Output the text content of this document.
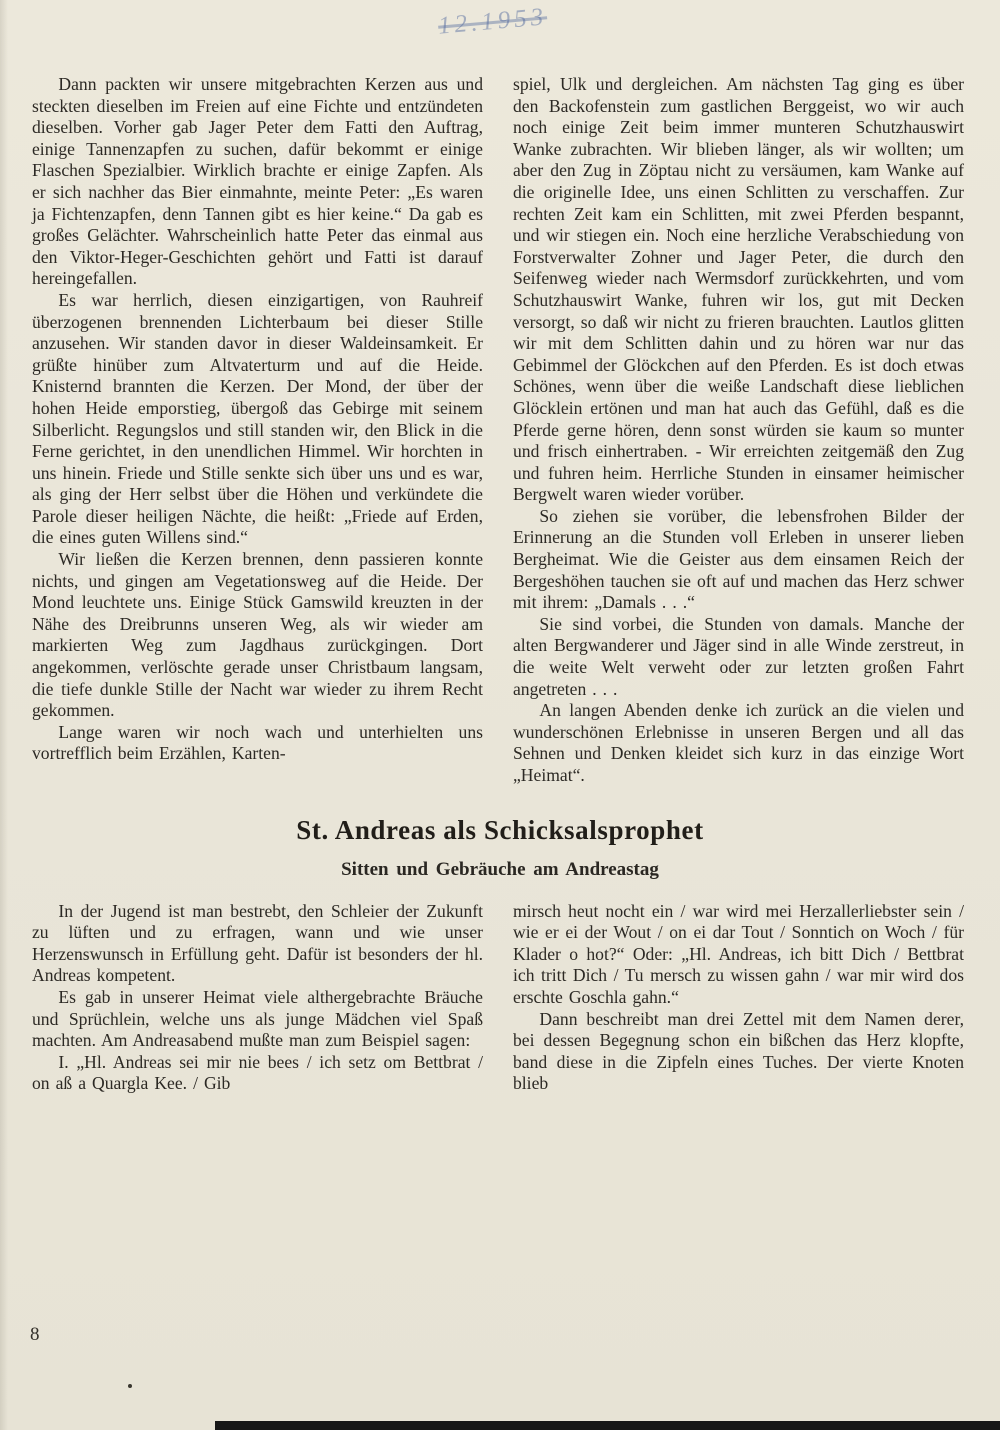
12.1953

Dann packten wir unsere mitgebrachten Kerzen aus und steckten dieselben im Freien auf eine Fichte und entzündeten dieselben. Vorher gab Jager Peter dem Fatti den Auftrag, einige Tannenzapfen zu suchen, dafür bekommt er einige Flaschen Spezialbier. Wirklich brachte er einige Zapfen. Als er sich nachher das Bier einmahnte, meinte Peter: „Es waren ja Fichtenzapfen, denn Tannen gibt es hier keine.“ Da gab es großes Gelächter. Wahrscheinlich hatte Peter das einmal aus den Viktor-Heger-Geschichten gehört und Fatti ist darauf hereingefallen.

Es war herrlich, diesen einzigartigen, von Rauhreif überzogenen brennenden Lichterbaum bei dieser Stille anzusehen. Wir standen davor in dieser Waldeinsamkeit. Er grüßte hinüber zum Altvaterturm und auf die Heide. Knisternd brannten die Kerzen. Der Mond, der über der hohen Heide emporstieg, übergoß das Gebirge mit seinem Silberlicht. Regungslos und still standen wir, den Blick in die Ferne gerichtet, in den unendlichen Himmel. Wir horchten in uns hinein. Friede und Stille senkte sich über uns und es war, als ging der Herr selbst über die Höhen und verkündete die Parole dieser heiligen Nächte, die heißt: „Friede auf Erden, die eines guten Willens sind.“

Wir ließen die Kerzen brennen, denn passieren konnte nichts, und gingen am Vegetationsweg auf die Heide. Der Mond leuchtete uns. Einige Stück Gamswild kreuzten in der Nähe des Dreibrunns unseren Weg, als wir wieder am markierten Weg zum Jagdhaus zurückgingen. Dort angekommen, verlöschte gerade unser Christbaum langsam, die tiefe dunkle Stille der Nacht war wieder zu ihrem Recht gekommen.

Lange waren wir noch wach und unterhielten uns vortrefflich beim Erzählen, Karten-

spiel, Ulk und dergleichen. Am nächsten Tag ging es über den Backofenstein zum gastlichen Berggeist, wo wir auch noch einige Zeit beim immer munteren Schutzhauswirt Wanke zubrachten. Wir blieben länger, als wir wollten; um aber den Zug in Zöptau nicht zu versäumen, kam Wanke auf die originelle Idee, uns einen Schlitten zu verschaffen. Zur rechten Zeit kam ein Schlitten, mit zwei Pferden bespannt, und wir stiegen ein. Noch eine herzliche Verabschiedung von Forstverwalter Zohner und Jager Peter, die durch den Seifenweg wieder nach Wermsdorf zurückkehrten, und vom Schutzhauswirt Wanke, fuhren wir los, gut mit Decken versorgt, so daß wir nicht zu frieren brauchten. Lautlos glitten wir mit dem Schlitten dahin und zu hören war nur das Gebimmel der Glöckchen auf den Pferden. Es ist doch etwas Schönes, wenn über die weiße Landschaft diese lieblichen Glöcklein ertönen und man hat auch das Gefühl, daß es die Pferde gerne hören, denn sonst würden sie kaum so munter und frisch einhertraben. - Wir erreichten zeitgemäß den Zug und fuhren heim. Herrliche Stunden in einsamer heimischer Bergwelt waren wieder vorüber.

So ziehen sie vorüber, die lebensfrohen Bilder der Erinnerung an die Stunden voll Erleben in unserer lieben Bergheimat. Wie die Geister aus dem einsamen Reich der Bergeshöhen tauchen sie oft auf und machen das Herz schwer mit ihrem: „Damals . . .“

Sie sind vorbei, die Stunden von damals. Manche der alten Bergwanderer und Jäger sind in alle Winde zerstreut, in die weite Welt verweht oder zur letzten großen Fahrt angetreten . . .

An langen Abenden denke ich zurück an die vielen und wunderschönen Erlebnisse in unseren Bergen und all das Sehnen und Denken kleidet sich kurz in das einzige Wort „Heimat“.

St. Andreas als Schicksalsprophet
Sitten und Gebräuche am Andreastag

In der Jugend ist man bestrebt, den Schleier der Zukunft zu lüften und zu erfragen, wann und wie unser Herzenswunsch in Erfüllung geht. Dafür ist besonders der hl. Andreas kompetent.

Es gab in unserer Heimat viele althergebrachte Bräuche und Sprüchlein, welche uns als junge Mädchen viel Spaß machten. Am Andreasabend mußte man zum Beispiel sagen:

I. „Hl. Andreas sei mir nie bees / ich setz om Bettbrat / on aß a Quargla Kee. / Gib

mirsch heut nocht ein / war wird mei Herzallerliebster sein / wie er ei der Wout / on ei dar Tout / Sonntich on Woch / für Klader o hot?“ Oder: „Hl. Andreas, ich bitt Dich / Bettbrat ich tritt Dich / Tu mersch zu wissen gahn / war mir wird dos erschte Goschla gahn.“

Dann beschreibt man drei Zettel mit dem Namen derer, bei dessen Begegnung schon ein bißchen das Herz klopfte, band diese in die Zipfeln eines Tuches. Der vierte Knoten blieb

8
